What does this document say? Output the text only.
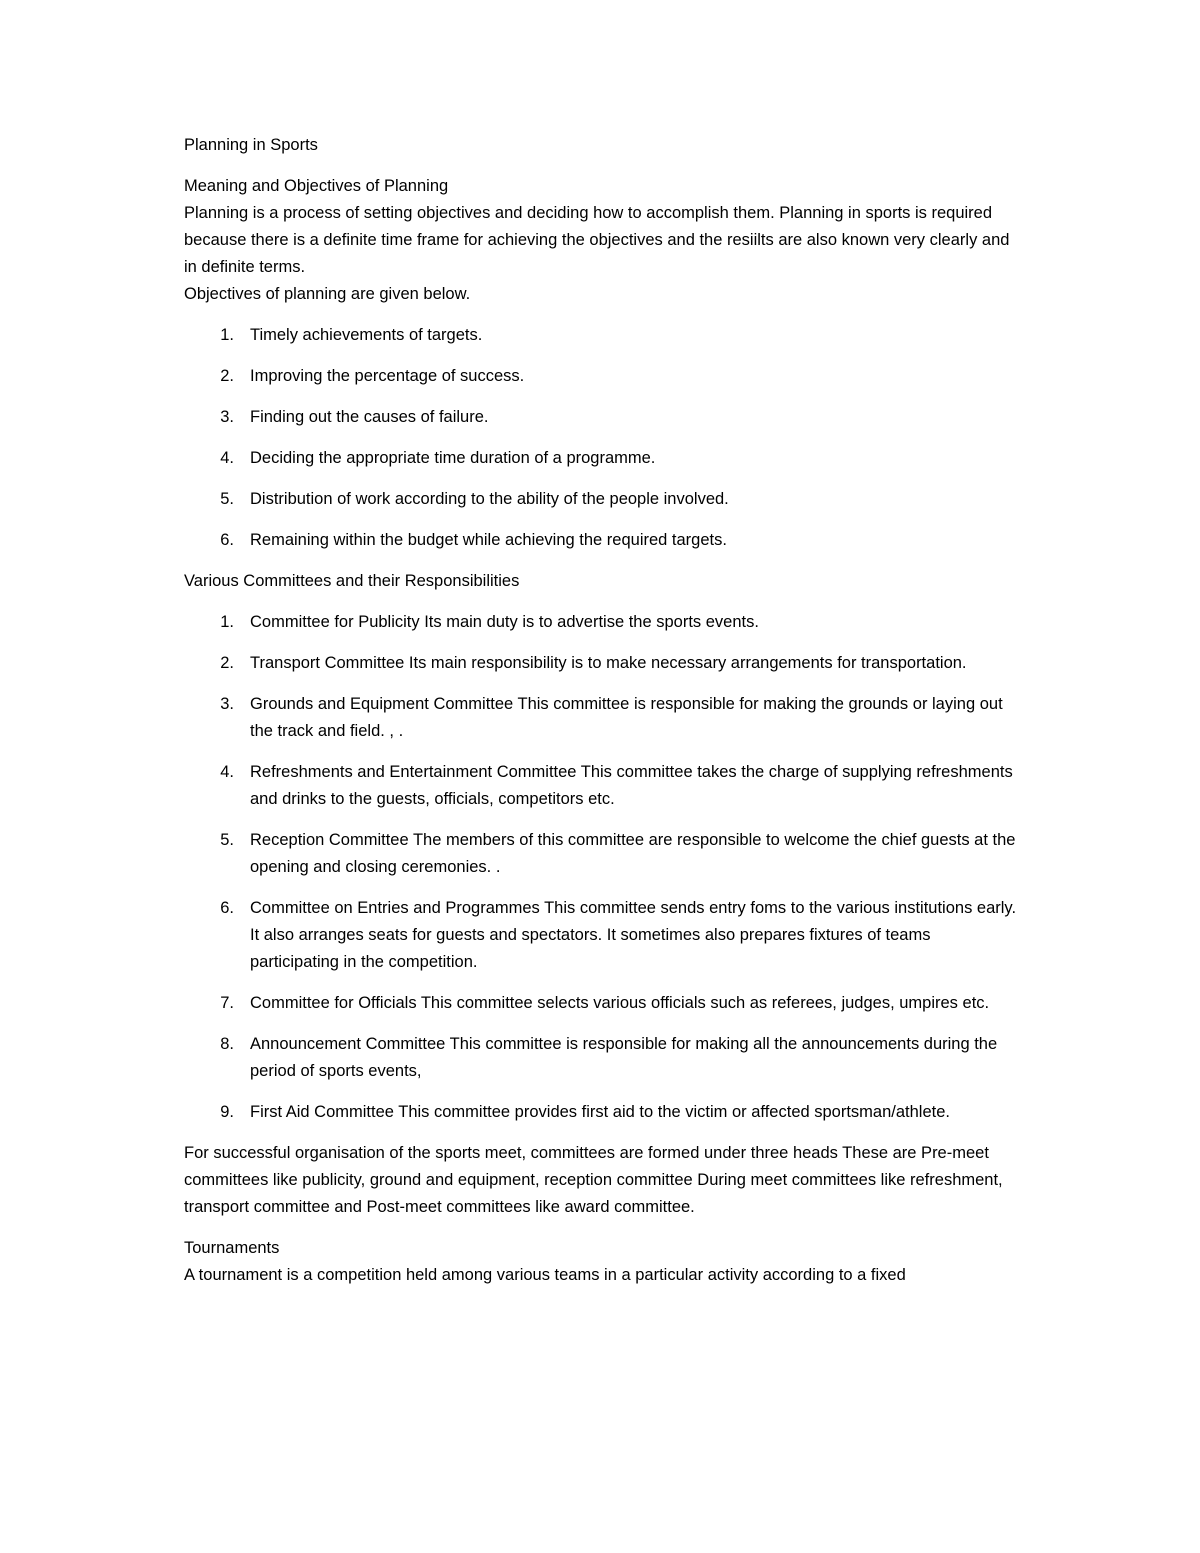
Planning in Sports

Meaning and Objectives of Planning

Planning is a process of setting objectives and deciding how to accomplish them. Planning in sports is required because there is a definite time frame for achieving the objectives and the resiilts are also known very clearly and in definite terms.

Objectives of planning are given below.

1. Timely achievements of targets.
2. Improving the percentage of success.
3. Finding out the causes of failure.
4. Deciding the appropriate time duration of a programme.
5. Distribution of work according to the ability of the people involved.
6. Remaining within the budget while achieving the required targets.

Various Committees and their Responsibilities

1. Committee for Publicity Its main duty is to advertise the sports events.
2. Transport Committee Its main responsibility is to make necessary arrangements for transportation.
3. Grounds and Equipment Committee This committee is responsible for making the grounds or laying out the track and field. , .
4. Refreshments and Entertainment Committee This committee takes the charge of supplying refreshments and drinks to the guests, officials, competitors etc.
5. Reception Committee The members of this committee are responsible to welcome the chief guests at the opening and closing ceremonies. .
6. Committee on Entries and Programmes This committee sends entry foms to the various institutions early. It also arranges seats for guests and spectators. It sometimes also prepares fixtures of teams participating in the competition.
7. Committee for Officials This committee selects various officials such as referees, judges, umpires etc.
8. Announcement Committee This committee is responsible for making all the announcements during the period of sports events,
9. First Aid Committee This committee provides first aid to the victim or affected sportsman/athlete.

For successful organisation of the sports meet, committees are formed under three heads These are Pre-meet committees like publicity, ground and equipment, reception committee During meet committees like refreshment, transport committee and Post-meet committees like award committee.

Tournaments

A tournament is a competition held among various teams in a particular activity according to a fixed
